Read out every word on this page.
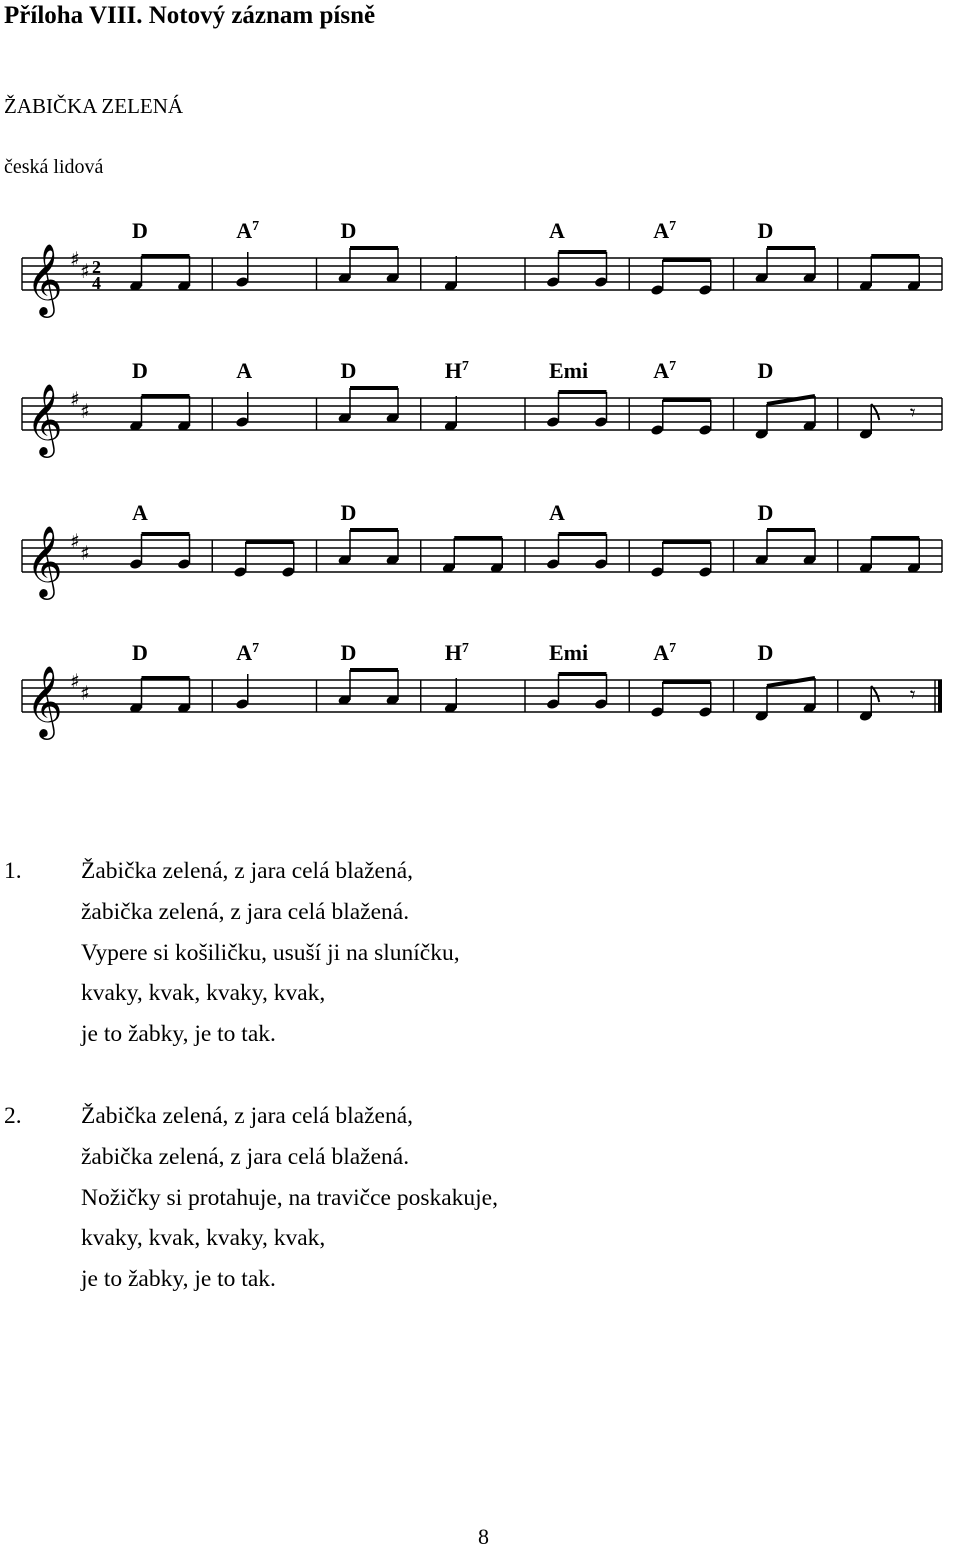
Příloha VIII. Notový záznam písně
ŽABIČKA ZELENÁ
česká lidová
𝄞 ♯ ♯ 2
4
D	$A^7$	D	A	$A^7$	D
𝄞 ♯ ♯
D	A	D	$H^7$	Emi	$A^7$	D
𝄾
𝄞 ♯ ♯
A	D	A	D
𝄞 ♯ ♯
D	$A^7$	D	$H^7$	Emi	$A^7$	D
𝄾
1.	Žabička zelená, z jara celá blažená,
žabička zelená, z jara celá blažená.
Vypere si košiličku, usuší ji na sluníčku,
kvaky, kvak, kvaky, kvak,
je to žabky, je to tak.
2.	Žabička zelená, z jara celá blažená,
žabička zelená, z jara celá blažená.
Nožičky si protahuje, na travičce poskakuje,
kvaky, kvak, kvaky, kvak,
je to žabky, je to tak.
8
